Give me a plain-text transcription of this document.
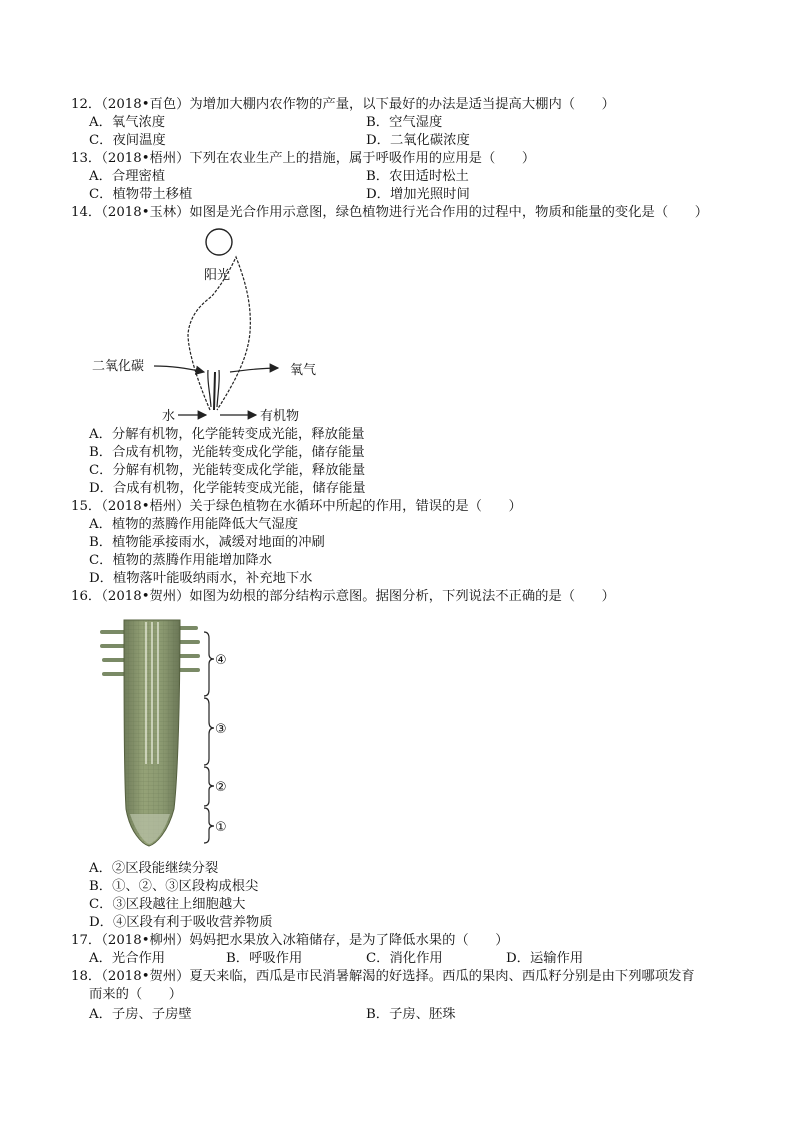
12．（2018•百色）为增加大棚内农作物的产量，以下最好的办法是适当提高大棚内（　　）
A．氧气浓度	B．空气湿度
C．夜间温度	D．二氧化碳浓度
13．（2018•梧州）下列在农业生产上的措施，属于呼吸作用的应用是（　　）
A．合理密植	B．农田适时松土
C．植物带土移植	D．增加光照时间
14．（2018•玉林）如图是光合作用示意图，绿色植物进行光合作用的过程中，物质和能量的变化是（　　）
阳光
二氧化碳	氧气
水	有机物
A．分解有机物，化学能转变成光能，释放能量
B．合成有机物，光能转变成化学能，储存能量
C．分解有机物，光能转变成化学能，释放能量
D．合成有机物，化学能转变成光能，储存能量
15．（2018•梧州）关于绿色植物在水循环中所起的作用，错误的是（　　）
A．植物的蒸腾作用能降低大气湿度
B．植物能承接雨水，减缓对地面的冲刷
C．植物的蒸腾作用能增加降水
D．植物落叶能吸纳雨水，补充地下水
16．（2018•贺州）如图为幼根的部分结构示意图。据图分析，下列说法不正确的是（　　）
④
③
②
①
A．②区段能继续分裂
B．①、②、③区段构成根尖
C．③区段越往上细胞越大
D．④区段有利于吸收营养物质
17．（2018•柳州）妈妈把水果放入冰箱储存，是为了降低水果的（　　）
A．光合作用	B．呼吸作用	C．消化作用	D．运输作用
18．（2018•贺州）夏天来临，西瓜是市民消暑解渴的好选择。西瓜的果肉、西瓜籽分别是由下列哪项发育
而来的（　　）
A．子房、子房壁	B．子房、胚珠
